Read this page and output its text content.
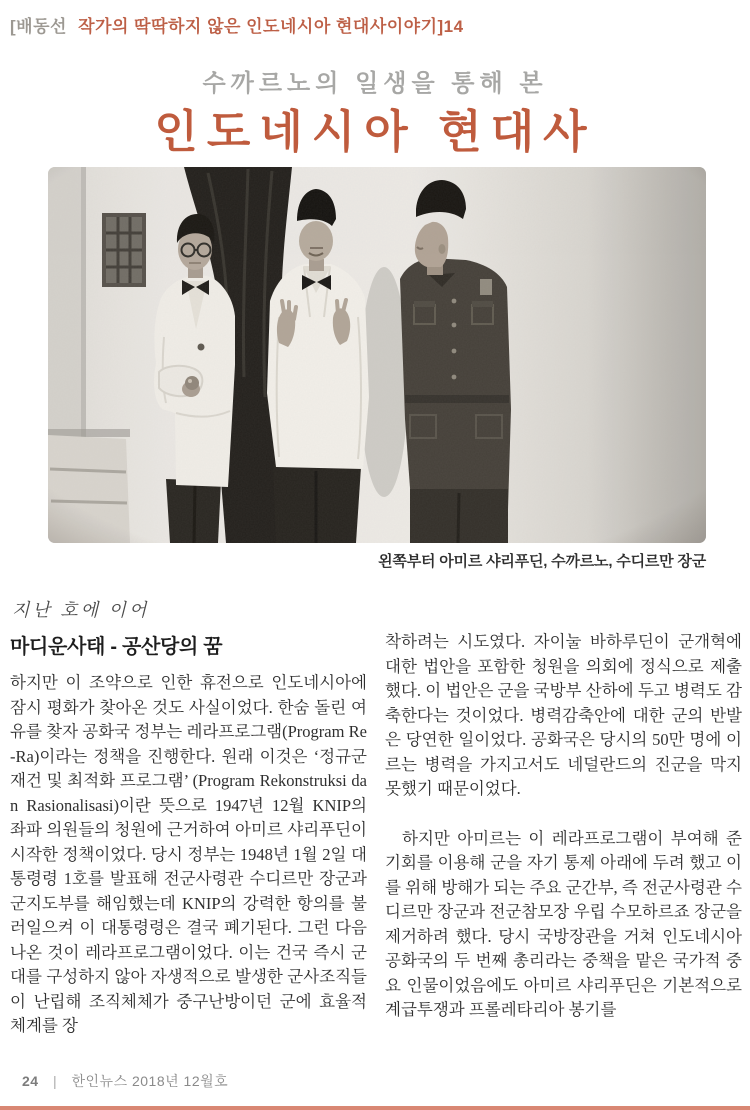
[배동선 작가의 딱딱하지 않은 인도네시아 현대사이야기]14
수까르노의 일생을 통해 본
인도네시아 현대사
왼쪽부터 아미르 샤리푸딘, 수까르노, 수디르만 장군
지난 호에 이어
마디운사태 - 공산당의 꿈

하지만 이 조약으로 인한 휴전으로 인도네시아에 잠시 평화가 찾아온 것도 사실이었다. 한숨 돌린 여유를 찾자 공화국 정부는 레라프로그램(Program Re-Ra)이라는 정책을 진행한다. 원래 이것은 ‘정규군 재건 및 최적화 프로그램’ (Program Rekonstruksi dan Rasionalisasi)이란 뜻으로 1947년 12월 KNIP의 좌파 의원들의 청원에 근거하여 아미르 샤리푸딘이 시작한 정책이었다. 당시 정부는 1948년 1월 2일 대통령령 1호를 발표해 전군사령관 수디르만 장군과 군지도부를 해임했는데 KNIP의 강력한 항의를 불러일으켜 이 대통령령은 결국 폐기된다. 그런 다음 나온 것이 레라프로그램이었다. 이는 건국 즉시 군대를 구성하지 않아 자생적으로 발생한 군사조직들이 난립해 조직체체가 중구난방이던 군에 효율적 체계를 장

착하려는 시도였다. 자이눌 바하루딘이 군개혁에 대한 법안을 포함한 청원을 의회에 정식으로 제출했다. 이 법안은 군을 국방부 산하에 두고 병력도 감축한다는 것이었다. 병력감축안에 대한 군의 반발은 당연한 일이었다. 공화국은 당시의 50만 명에 이르는 병력을 가지고서도 네덜란드의 진군을 막지 못했기 때문이었다.

하지만 아미르는 이 레라프로그램이 부여해 준 기회를 이용해 군을 자기 통제 아래에 두려 했고 이를 위해 방해가 되는 주요 군간부, 즉 전군사령관 수디르만 장군과 전군참모장 우립 수모하르죠 장군을 제거하려 했다. 당시 국방장관을 거쳐 인도네시아 공화국의 두 번째 총리라는 중책을 맡은 국가적 중요 인물이었음에도 아미르 샤리푸딘은 기본적으로 계급투쟁과 프롤레타리아 봉기를

24 | 한인뉴스 2018년 12월호
